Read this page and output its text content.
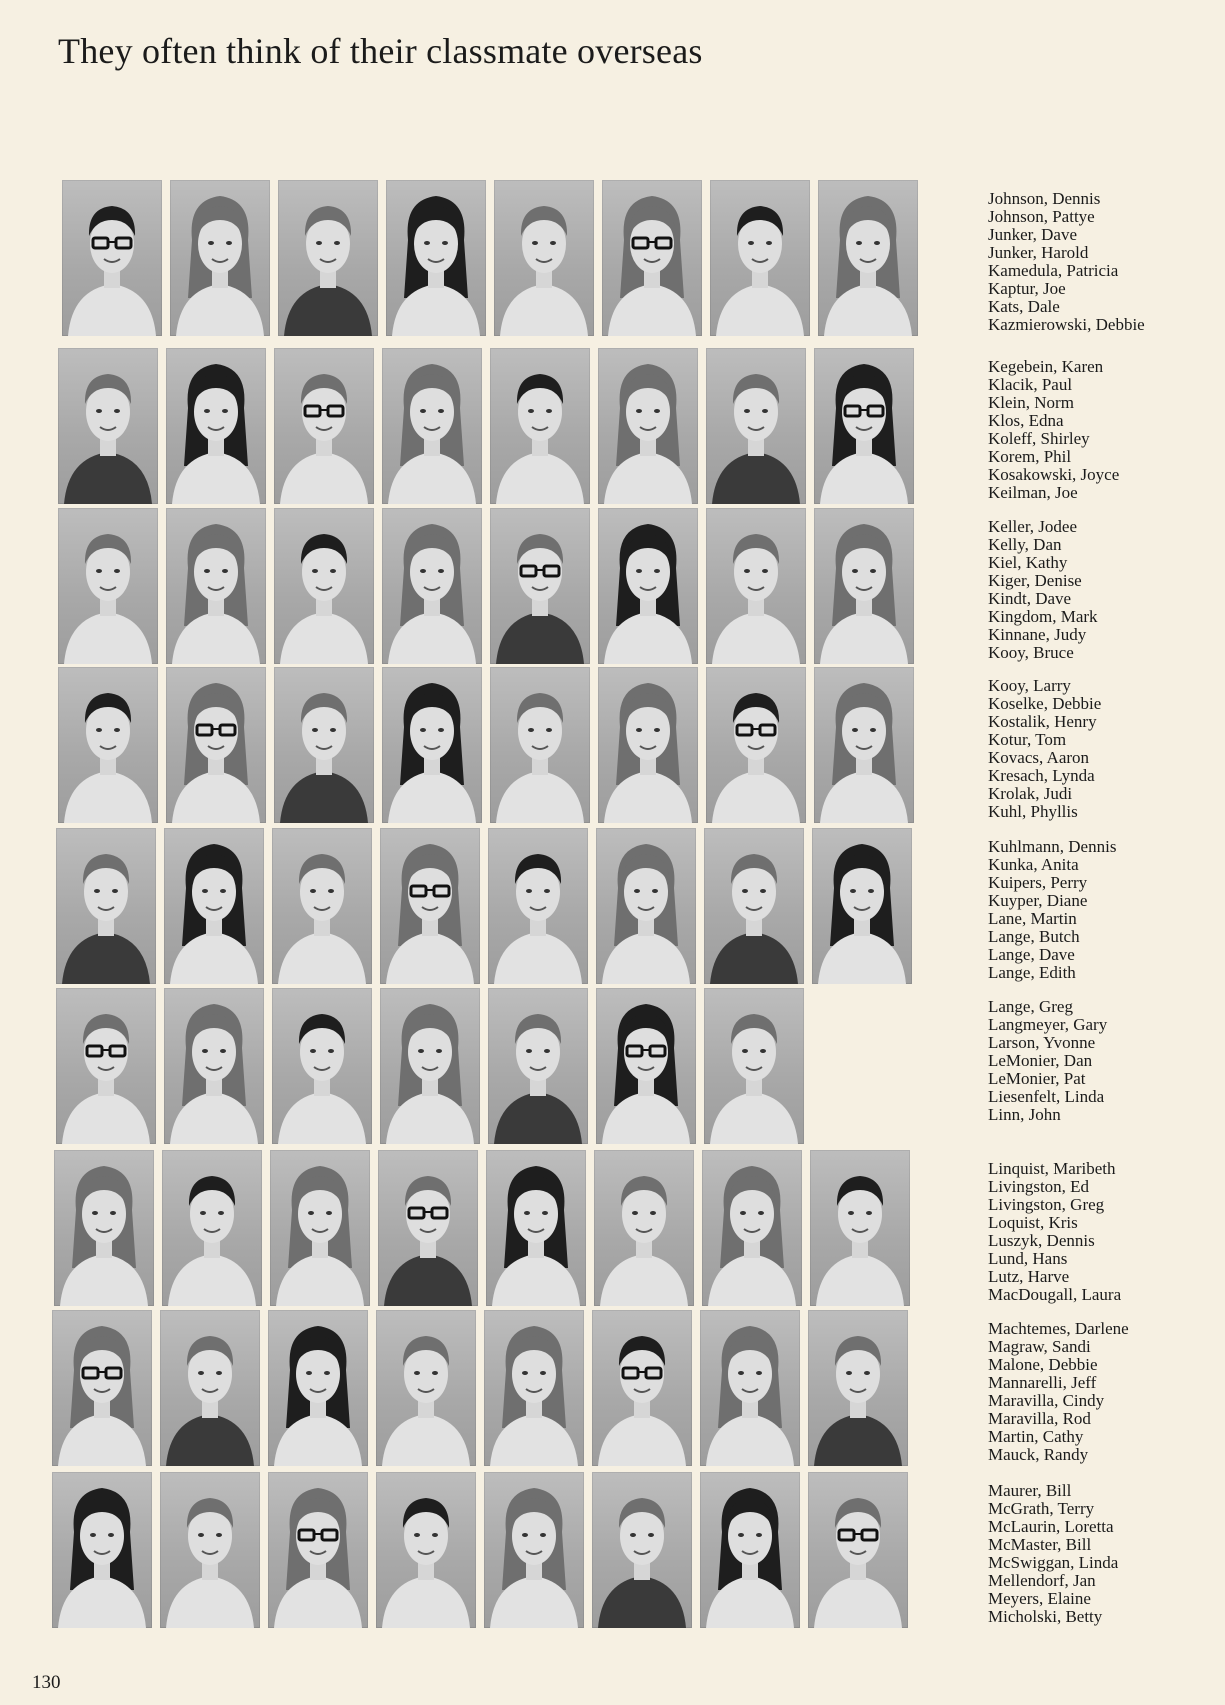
They often think of their classmate overseas
Johnson, Dennis
Johnson, Pattye
Junker, Dave
Junker, Harold
Kamedula, Patricia
Kaptur, Joe
Kats, Dale
Kazmierowski, Debbie
Kegebein, Karen
Klacik, Paul
Klein, Norm
Klos, Edna
Koleff, Shirley
Korem, Phil
Kosakowski, Joyce
Keilman, Joe
Keller, Jodee
Kelly, Dan
Kiel, Kathy
Kiger, Denise
Kindt, Dave
Kingdom, Mark
Kinnane, Judy
Kooy, Bruce
Kooy, Larry
Koselke, Debbie
Kostalik, Henry
Kotur, Tom
Kovacs, Aaron
Kresach, Lynda
Krolak, Judi
Kuhl, Phyllis
Kuhlmann, Dennis
Kunka, Anita
Kuipers, Perry
Kuyper, Diane
Lane, Martin
Lange, Butch
Lange, Dave
Lange, Edith
Lange, Greg
Langmeyer, Gary
Larson, Yvonne
LeMonier, Dan
LeMonier, Pat
Liesenfelt, Linda
Linn, John
Linquist, Maribeth
Livingston, Ed
Livingston, Greg
Loquist, Kris
Luszyk, Dennis
Lund, Hans
Lutz, Harve
MacDougall, Laura
Machtemes, Darlene
Magraw, Sandi
Malone, Debbie
Mannarelli, Jeff
Maravilla, Cindy
Maravilla, Rod
Martin, Cathy
Mauck, Randy
Maurer, Bill
McGrath, Terry
McLaurin, Loretta
McMaster, Bill
McSwiggan, Linda
Mellendorf, Jan
Meyers, Elaine
Micholski, Betty
130
